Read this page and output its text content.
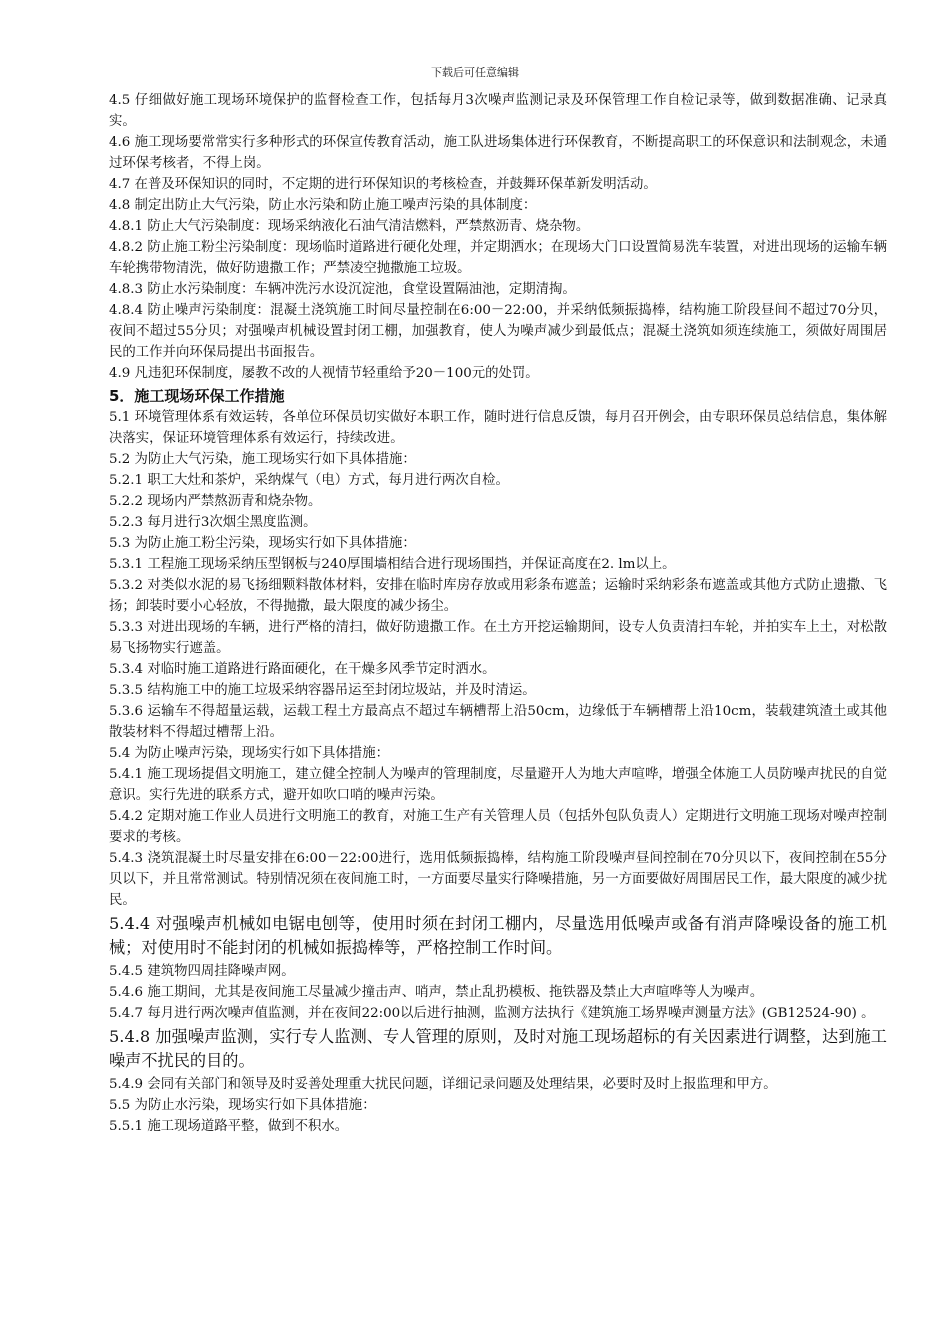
下载后可任意编辑

4.5 仔细做好施工现场环境保护的监督检查工作，包括每月3次噪声监测记录及环保管理工作自检记录等，做到数据准确、记录真实。

4.6 施工现场要常常实行多种形式的环保宣传教育活动，施工队进场集体进行环保教育，不断提高职工的环保意识和法制观念，未通过环保考核者，不得上岗。

4.7 在普及环保知识的同时，不定期的进行环保知识的考核检查，并鼓舞环保革新发明活动。

4.8 制定出防止大气污染，防止水污染和防止施工噪声污染的具体制度：

4.8.1 防止大气污染制度：现场采纳液化石油气清洁燃料，严禁熬沥青、烧杂物。

4.8.2 防止施工粉尘污染制度：现场临时道路进行硬化处理，并定期洒水；在现场大门口设置简易洗车装置，对进出现场的运输车辆车轮携带物清洗，做好防遗撒工作；严禁凌空抛撒施工垃圾。

4.8.3 防止水污染制度：车辆冲洗污水设沉淀池，食堂设置隔油池，定期清掏。

4.8.4 防止噪声污染制度：混凝土浇筑施工时间尽量控制在6:00－22:00，并采纳低频振捣棒，结构施工阶段昼间不超过70分贝，夜间不超过55分贝；对强噪声机械设置封闭工棚，加强教育，使人为噪声减少到最低点；混凝土浇筑如须连续施工，须做好周围居民的工作并向环保局提出书面报告。

4.9 凡违犯环保制度，屡教不改的人视情节轻重给予20－100元的处罚。

5．施工现场环保工作措施

5.1 环境管理体系有效运转，各单位环保员切实做好本职工作，随时进行信息反馈，每月召开例会，由专职环保员总结信息，集体解决落实，保证环境管理体系有效运行，持续改进。

5.2 为防止大气污染，施工现场实行如下具体措施：

5.2.1 职工大灶和茶炉，采纳煤气（电）方式，每月进行两次自检。

5.2.2 现场内严禁熬沥青和烧杂物。

5.2.3 每月进行3次烟尘黑度监测。

5.3 为防止施工粉尘污染，现场实行如下具体措施：

5.3.1 工程施工现场采纳压型钢板与240厚围墙相结合进行现场围挡，并保证高度在2. lm以上。

5.3.2 对类似水泥的易飞扬细颗料散体材料，安排在临时库房存放或用彩条布遮盖；运输时采纳彩条布遮盖或其他方式防止遗撒、飞扬；卸装时要小心轻放，不得抛撒，最大限度的减少扬尘。

5.3.3 对进出现场的车辆，进行严格的清扫，做好防遗撒工作。在土方开挖运输期间，设专人负责清扫车轮，并拍实车上土，对松散易飞扬物实行遮盖。

5.3.4 对临时施工道路进行路面硬化，在干燥多风季节定时洒水。

5.3.5 结构施工中的施工垃圾采纳容器吊运至封闭垃圾站，并及时清运。

5.3.6 运输车不得超量运载，运载工程土方最高点不超过车辆槽帮上沿50cm，边缘低于车辆槽帮上沿10cm，装载建筑渣土或其他散装材料不得超过槽帮上沿。

5.4 为防止噪声污染，现场实行如下具体措施：

5.4.1 施工现场提倡文明施工，建立健全控制人为噪声的管理制度，尽量避开人为地大声喧哗，增强全体施工人员防噪声扰民的自觉意识。实行先进的联系方式，避开如吹口哨的噪声污染。

5.4.2 定期对施工作业人员进行文明施工的教育，对施工生产有关管理人员（包括外包队负责人）定期进行文明施工现场对噪声控制要求的考核。

5.4.3 浇筑混凝土时尽量安排在6:00－22:00进行，选用低频振捣棒，结构施工阶段噪声昼间控制在70分贝以下，夜间控制在55分贝以下，并且常常测试。特别情况须在夜间施工时，一方面要尽量实行降噪措施，另一方面要做好周围居民工作，最大限度的减少扰民。

5.4.4 对强噪声机械如电锯电刨等，使用时须在封闭工棚内，尽量选用低噪声或备有消声降噪设备的施工机械；对使用时不能封闭的机械如振捣棒等，严格控制工作时间。

5.4.5 建筑物四周挂降噪声网。

5.4.6 施工期间，尤其是夜间施工尽量减少撞击声、哨声，禁止乱扔模板、拖铁器及禁止大声喧哗等人为噪声。

5.4.7 每月进行两次噪声值监测，并在夜间22:00以后进行抽测，监测方法执行《建筑施工场界噪声测量方法》(GB12524-90) 。

5.4.8 加强噪声监测，实行专人监测、专人管理的原则，及时对施工现场超标的有关因素进行调整，达到施工噪声不扰民的目的。

5.4.9 会同有关部门和领导及时妥善处理重大扰民问题，详细记录问题及处理结果，必要时及时上报监理和甲方。

5.5 为防止水污染，现场实行如下具体措施：

5.5.1 施工现场道路平整，做到不积水。
